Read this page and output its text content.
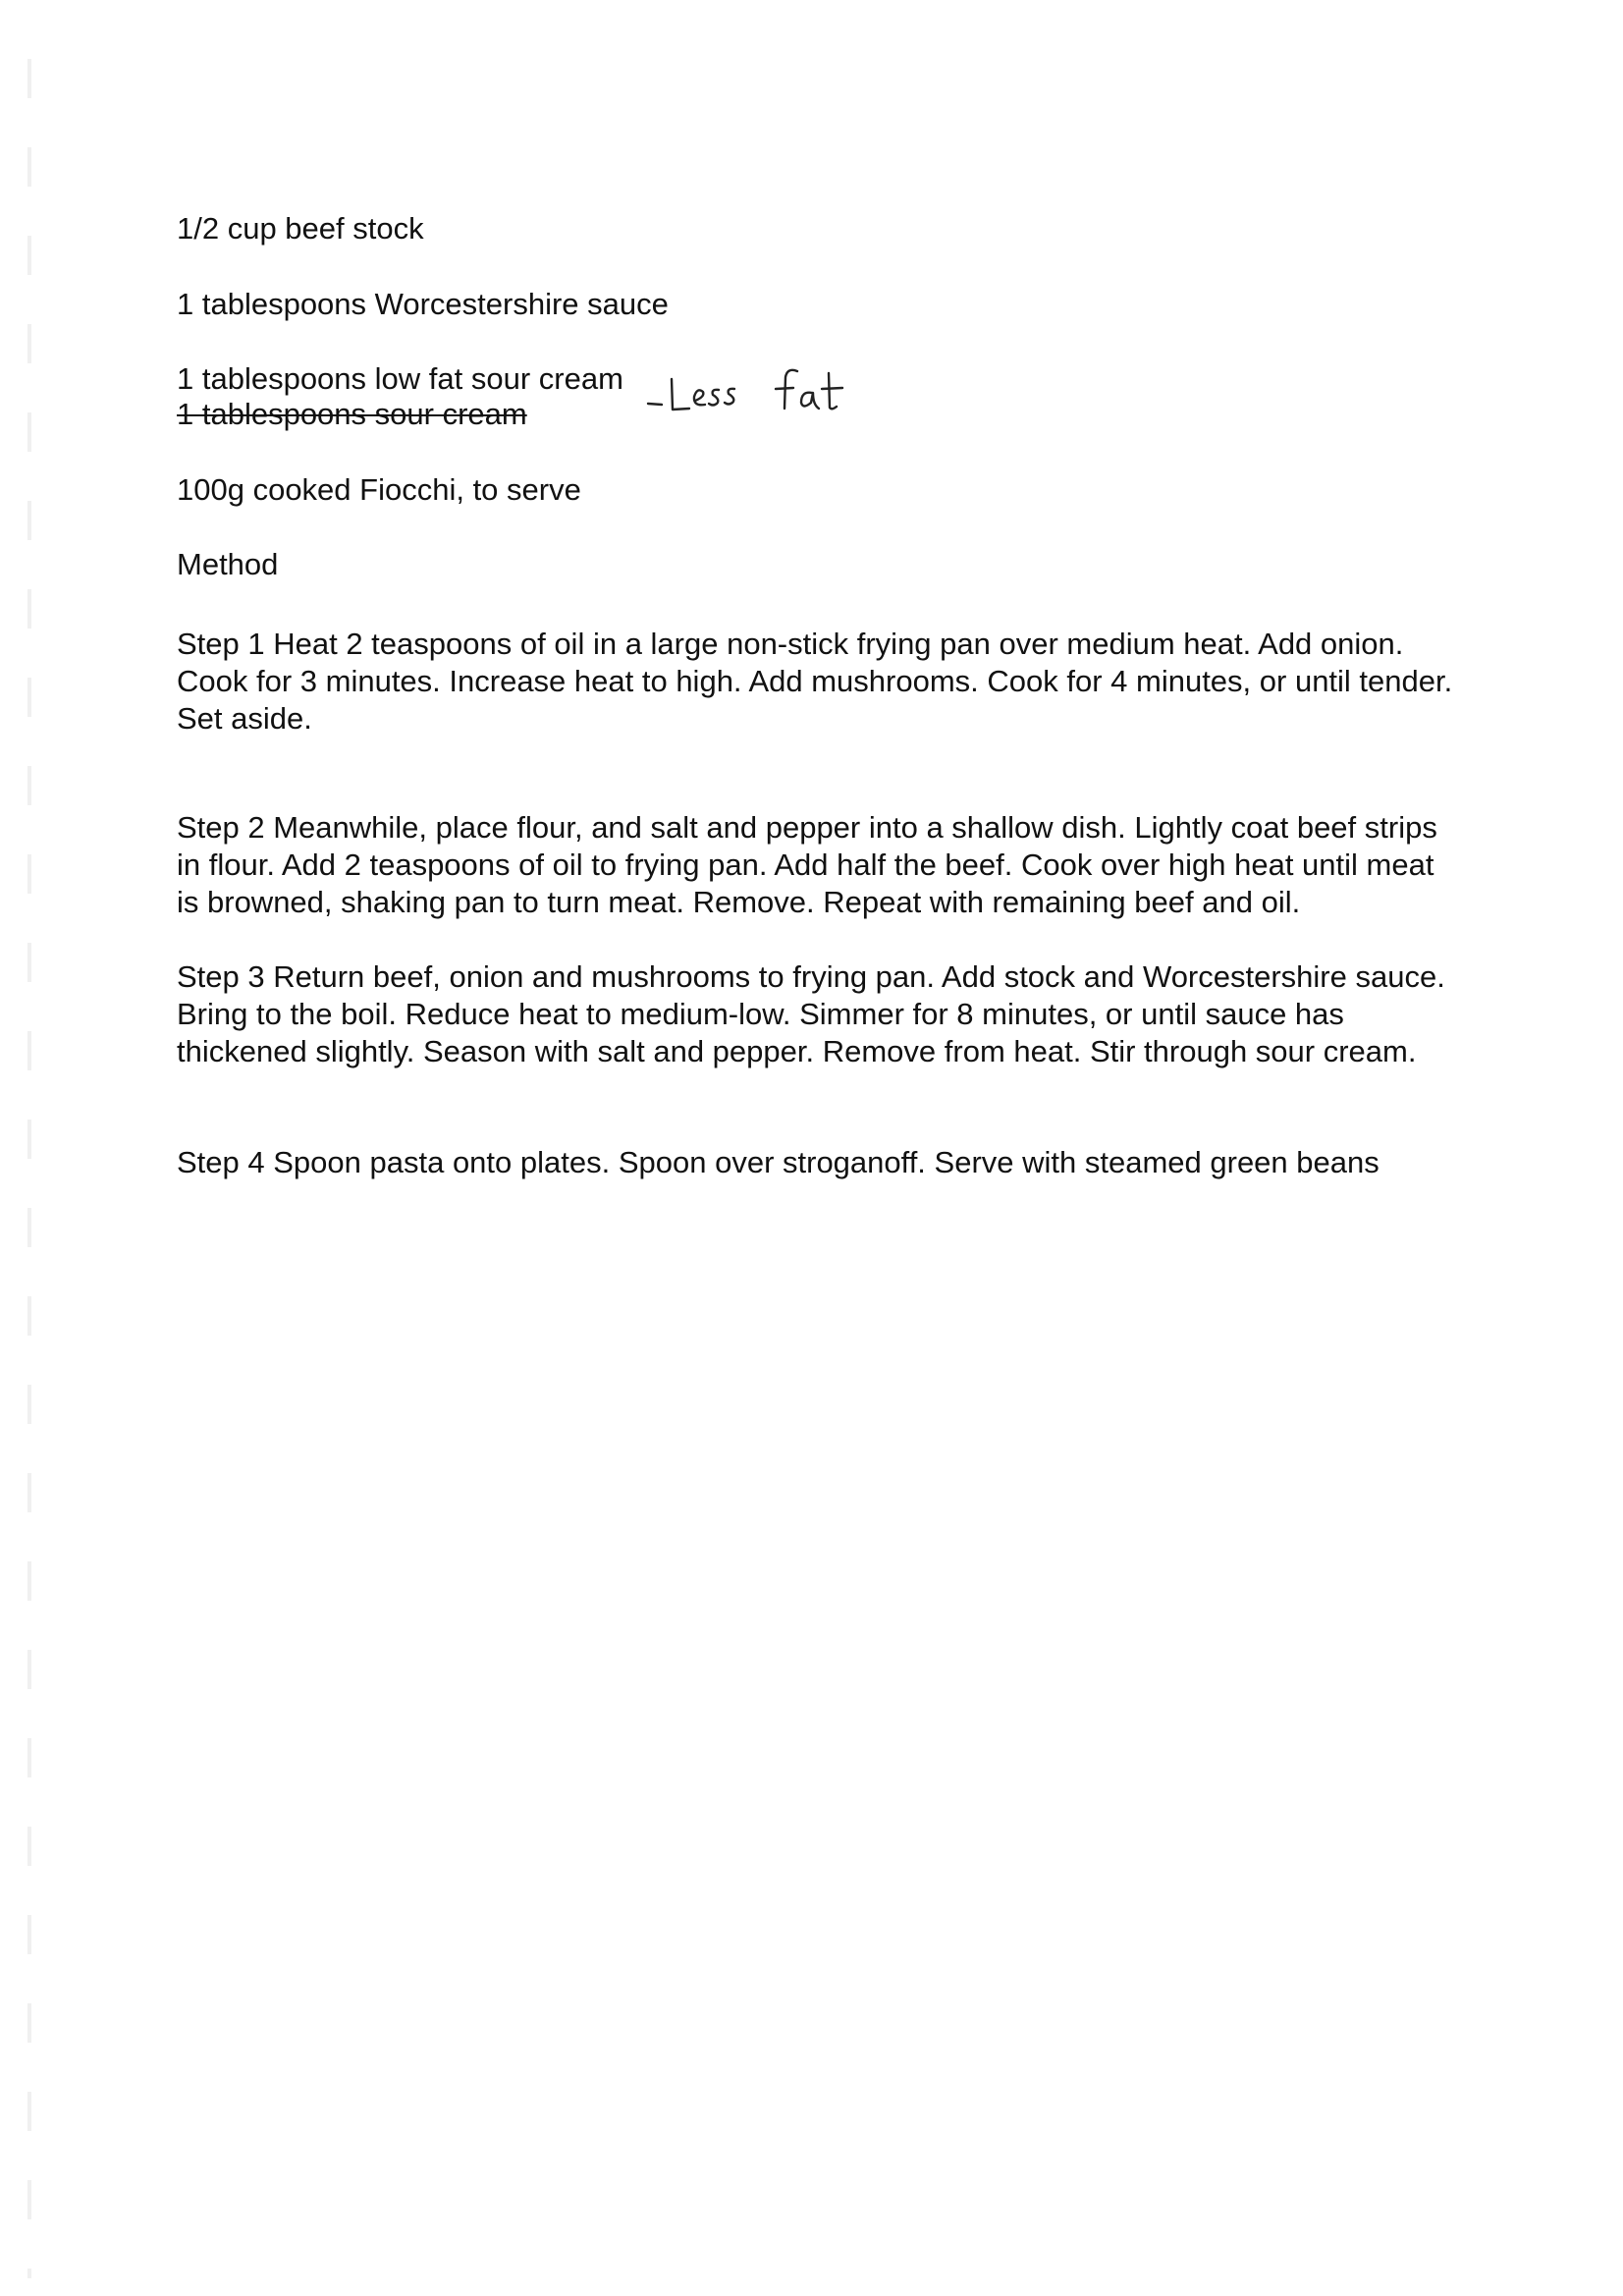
1/2 cup beef stock
1 tablespoons Worcestershire sauce
1 tablespoons low fat sour cream
1 tablespoons sour cream
100g cooked Fiocchi, to serve
Method
Step 1 Heat 2 teaspoons of oil in a large non-stick frying pan over medium heat. Add onion. Cook for 3 minutes. Increase heat to high. Add mushrooms. Cook for 4 minutes, or until tender. Set aside.
Step 2 Meanwhile, place flour, and salt and pepper into a shallow dish. Lightly coat beef strips in flour. Add 2 teaspoons of oil to frying pan. Add half the beef. Cook over high heat until meat is browned, shaking pan to turn meat. Remove. Repeat with remaining beef and oil.
Step 3 Return beef, onion and mushrooms to frying pan. Add stock and Worcestershire sauce. Bring to the boil. Reduce heat to medium-low. Simmer for 8 minutes, or until sauce has thickened slightly. Season with salt and pepper. Remove from heat. Stir through sour cream.
Step 4 Spoon pasta onto plates. Spoon over stroganoff. Serve with steamed green beans
